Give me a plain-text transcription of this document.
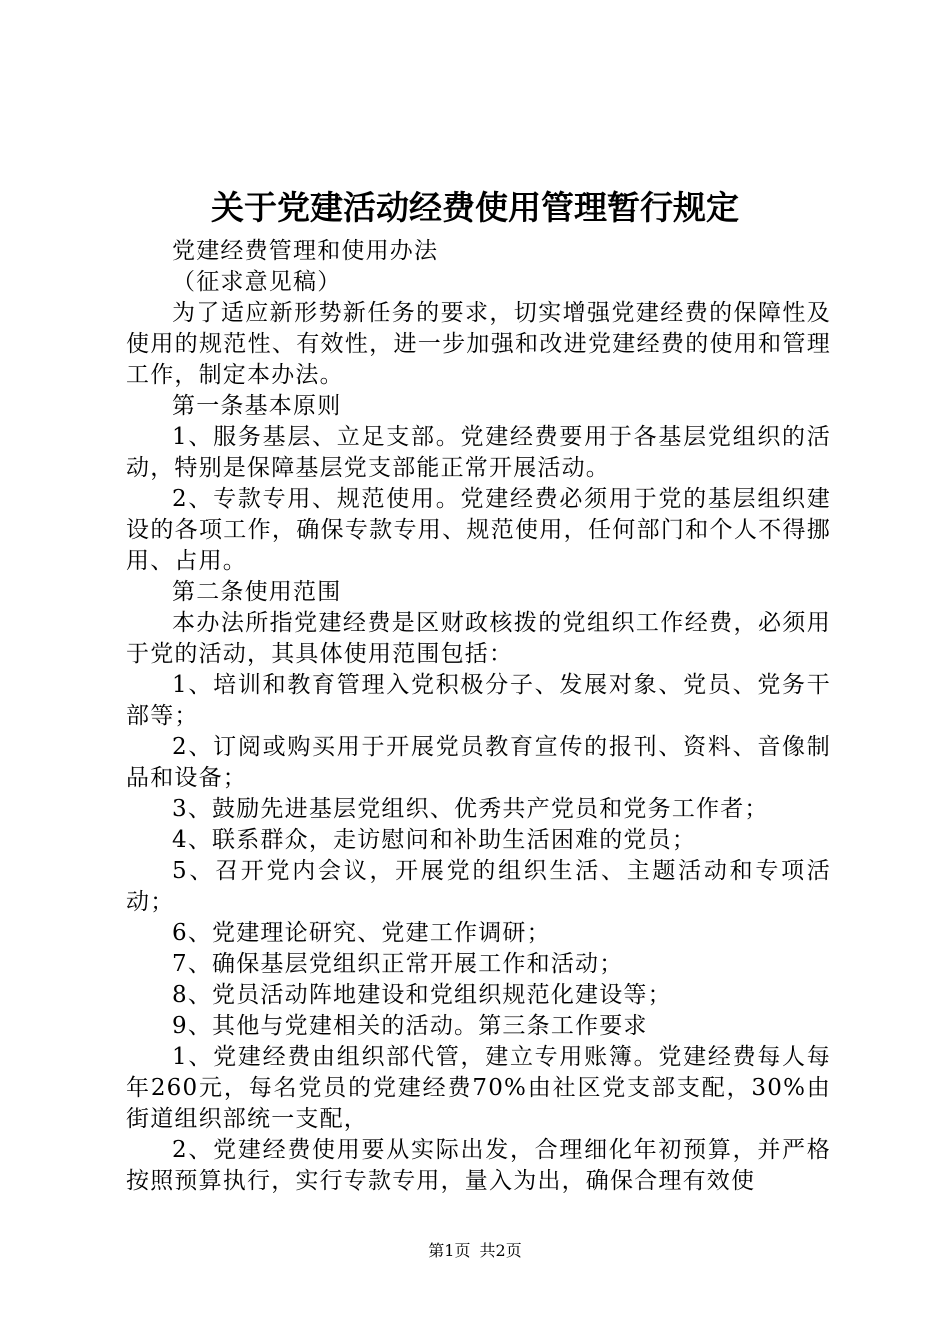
关于党建活动经费使用管理暂行规定

党建经费管理和使用办法

（征求意见稿）

为了适应新形势新任务的要求，切实增强党建经费的保障性及使用的规范性、有效性，进一步加强和改进党建经费的使用和管理工作，制定本办法。

第一条基本原则

1、服务基层、立足支部。党建经费要用于各基层党组织的活动，特别是保障基层党支部能正常开展活动。

2、专款专用、规范使用。党建经费必须用于党的基层组织建设的各项工作，确保专款专用、规范使用，任何部门和个人不得挪用、占用。

第二条使用范围

本办法所指党建经费是区财政核拨的党组织工作经费，必须用于党的活动，其具体使用范围包括：

1、培训和教育管理入党积极分子、发展对象、党员、党务干部等；

2、订阅或购买用于开展党员教育宣传的报刊、资料、音像制品和设备；

3、鼓励先进基层党组织、优秀共产党员和党务工作者；

4、联系群众，走访慰问和补助生活困难的党员；

5、召开党内会议，开展党的组织生活、主题活动和专项活动；

6、党建理论研究、党建工作调研；

7、确保基层党组织正常开展工作和活动；

8、党员活动阵地建设和党组织规范化建设等；

9、其他与党建相关的活动。第三条工作要求

1、党建经费由组织部代管，建立专用账簿。党建经费每人每年260元，每名党员的党建经费70%由社区党支部支配，30%由街道组织部统一支配，

2、党建经费使用要从实际出发，合理细化年初预算，并严格按照预算执行，实行专款专用，量入为出，确保合理有效使

第1页 共2页
